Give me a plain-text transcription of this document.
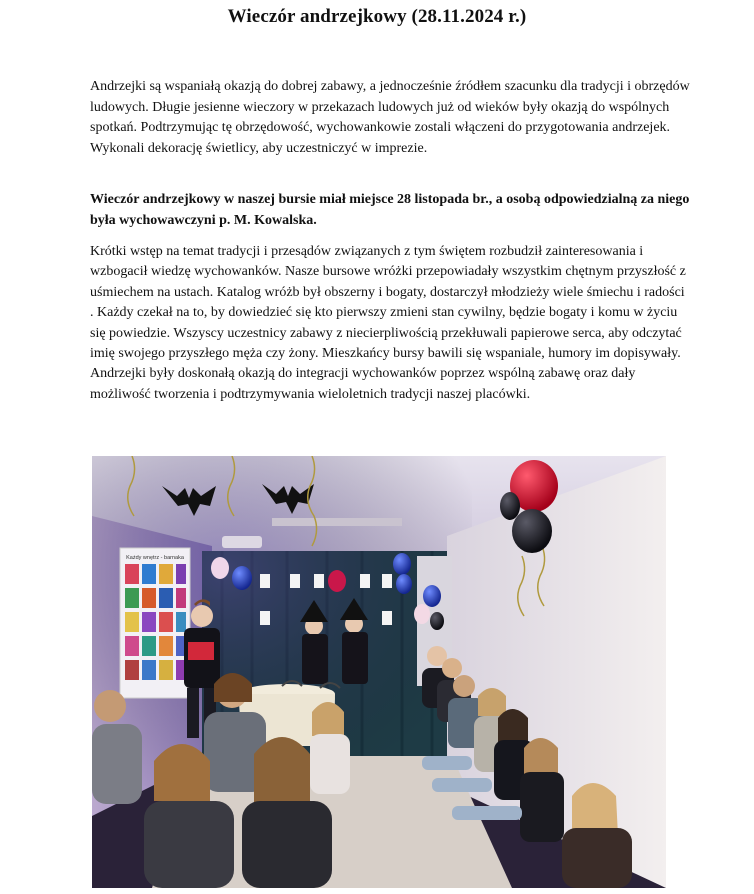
Wieczór andrzejkowy (28.11.2024 r.)

Andrzejki są wspaniałą okazją do dobrej zabawy, a jednocześnie źródłem szacunku dla tradycji i obrzędów ludowych. Długie jesienne wieczory w przekazach ludowych już od wieków były okazją do wspólnych spotkań. Podtrzymując tę obrzędowość, wychowankowie zostali włączeni do przygotowania andrzejek. Wykonali dekorację świetlicy, aby uczestniczyć w imprezie.

Wieczór andrzejkowy w naszej bursie miał miejsce 28 listopada br., a osobą odpowiedzialną za niego była wychowawczyni p. M. Kowalska.

Krótki wstęp na temat tradycji i przesądów związanych z tym świętem rozbudził zainteresowania i wzbogacił wiedzę wychowanków. Nasze bursowe wróżki przepowiadały wszystkim chętnym przyszłość z uśmiechem na ustach. Katalog wróżb był obszerny i bogaty, dostarczył młodzieży wiele śmiechu i radości . Każdy czekał na to, by dowiedzieć się kto pierwszy zmieni stan cywilny, będzie bogaty i komu w życiu się powiedzie. Wszyscy uczestnicy zabawy z niecierpliwością przekłuwali papierowe serca, aby odczytać imię swojego przyszłego męża czy żony. Mieszkańcy bursy bawili się wspaniale, humory im dopisywały. Andrzejki były doskonałą okazją do integracji wychowanków poprzez wspólną zabawę oraz dały możliwość tworzenia i podtrzymywania wieloletnich tradycji naszej placówki.

Każdy wnętrz - barnaka
